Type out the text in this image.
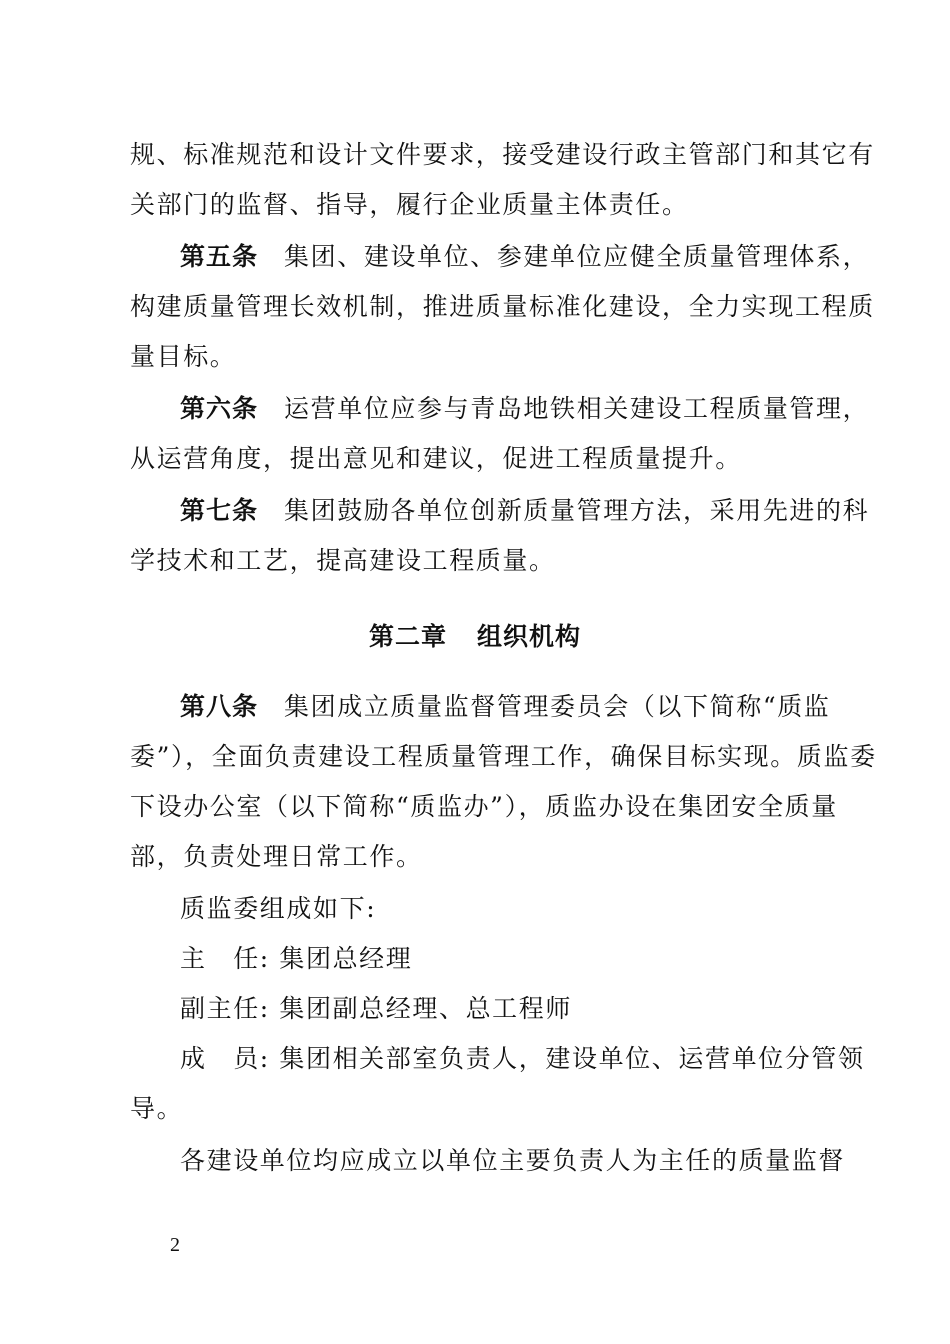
规、标准规范和设计文件要求，接受建设行政主管部门和其它有
关部门的监督、指导，履行企业质量主体责任。
第五条 集团、建设单位、参建单位应健全质量管理体系，
构建质量管理长效机制，推进质量标准化建设，全力实现工程质
量目标。
第六条 运营单位应参与青岛地铁相关建设工程质量管理，
从运营角度，提出意见和建议，促进工程质量提升。
第七条 集团鼓励各单位创新质量管理方法，采用先进的科
学技术和工艺，提高建设工程质量。
第二章 组织机构
第八条 集团成立质量监督管理委员会（以下简称“质监
委”），全面负责建设工程质量管理工作，确保目标实现。质监委
下设办公室（以下简称“质监办”），质监办设在集团安全质量
部，负责处理日常工作。
质监委组成如下:
主　任: 集团总经理
副主任: 集团副总经理、总工程师
成　员: 集团相关部室负责人，建设单位、运营单位分管领
导。
各建设单位均应成立以单位主要负责人为主任的质量监督
2
